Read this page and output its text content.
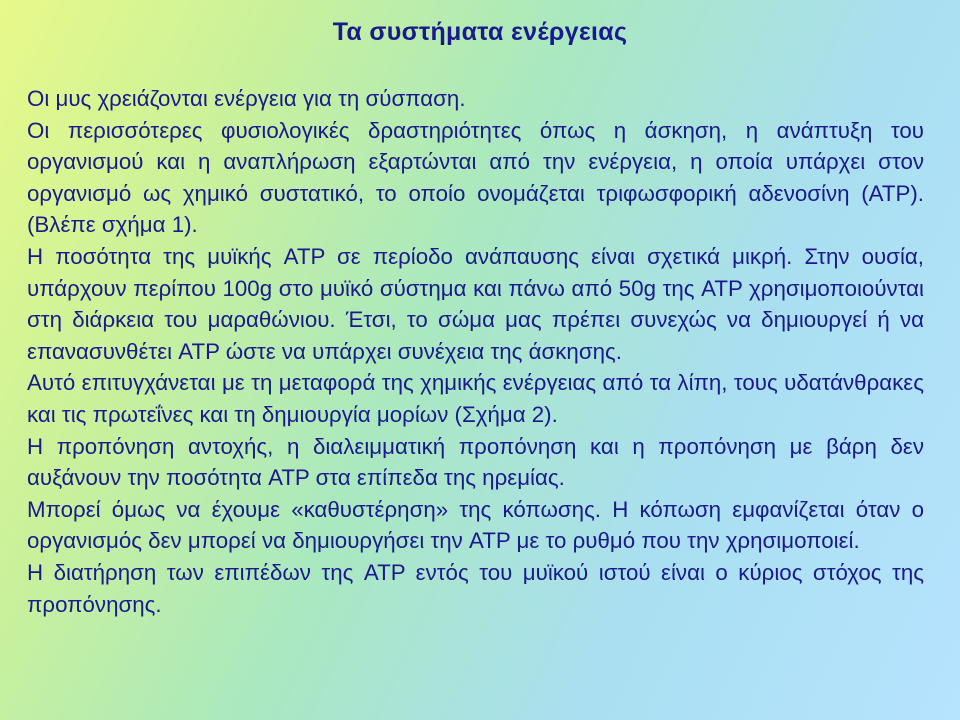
Τα συστήματα ενέργειας

Οι μυς χρειάζονται ενέργεια για τη σύσπαση.

Οι περισσότερες φυσιολογικές δραστηριότητες όπως η άσκηση, η ανάπτυξη του οργανισμού και η αναπλήρωση εξαρτώνται από την ενέργεια, η οποία υπάρχει στον οργανισμό ως χημικό συστατικό, το οποίο ονομάζεται τριφωσφορική αδενοσίνη (ATP). (Βλέπε σχήμα 1).

Η ποσότητα της μυϊκής ATP σε περίοδο ανάπαυσης είναι σχετικά μικρή. Στην ουσία, υπάρχουν περίπου 100g στο μυϊκό σύστημα και πάνω από 50g της ATP χρησιμοποιούνται στη διάρκεια του μαραθώνιου. Έτσι, το σώμα μας πρέπει συνεχώς να δημιουργεί ή να επανασυνθέτει ATP ώστε να υπάρχει συνέχεια της άσκησης.

Αυτό επιτυγχάνεται με τη μεταφορά της χημικής ενέργειας από τα λίπη, τους υδατάνθρακες και τις πρωτεΐνες και τη δημιουργία μορίων (Σχήμα 2).

Η προπόνηση αντοχής, η διαλειμματική προπόνηση και η προπόνηση με βάρη δεν αυξάνουν την ποσότητα ATP στα επίπεδα της ηρεμίας.

Μπορεί όμως να έχουμε «καθυστέρηση» της κόπωσης. Η κόπωση εμφανίζεται όταν ο οργανισμός δεν μπορεί να δημιουργήσει την ATP με το ρυθμό που την χρησιμοποιεί.

Η διατήρηση των επιπέδων της ATP εντός του μυϊκού ιστού είναι ο κύριος στόχος της προπόνησης.
